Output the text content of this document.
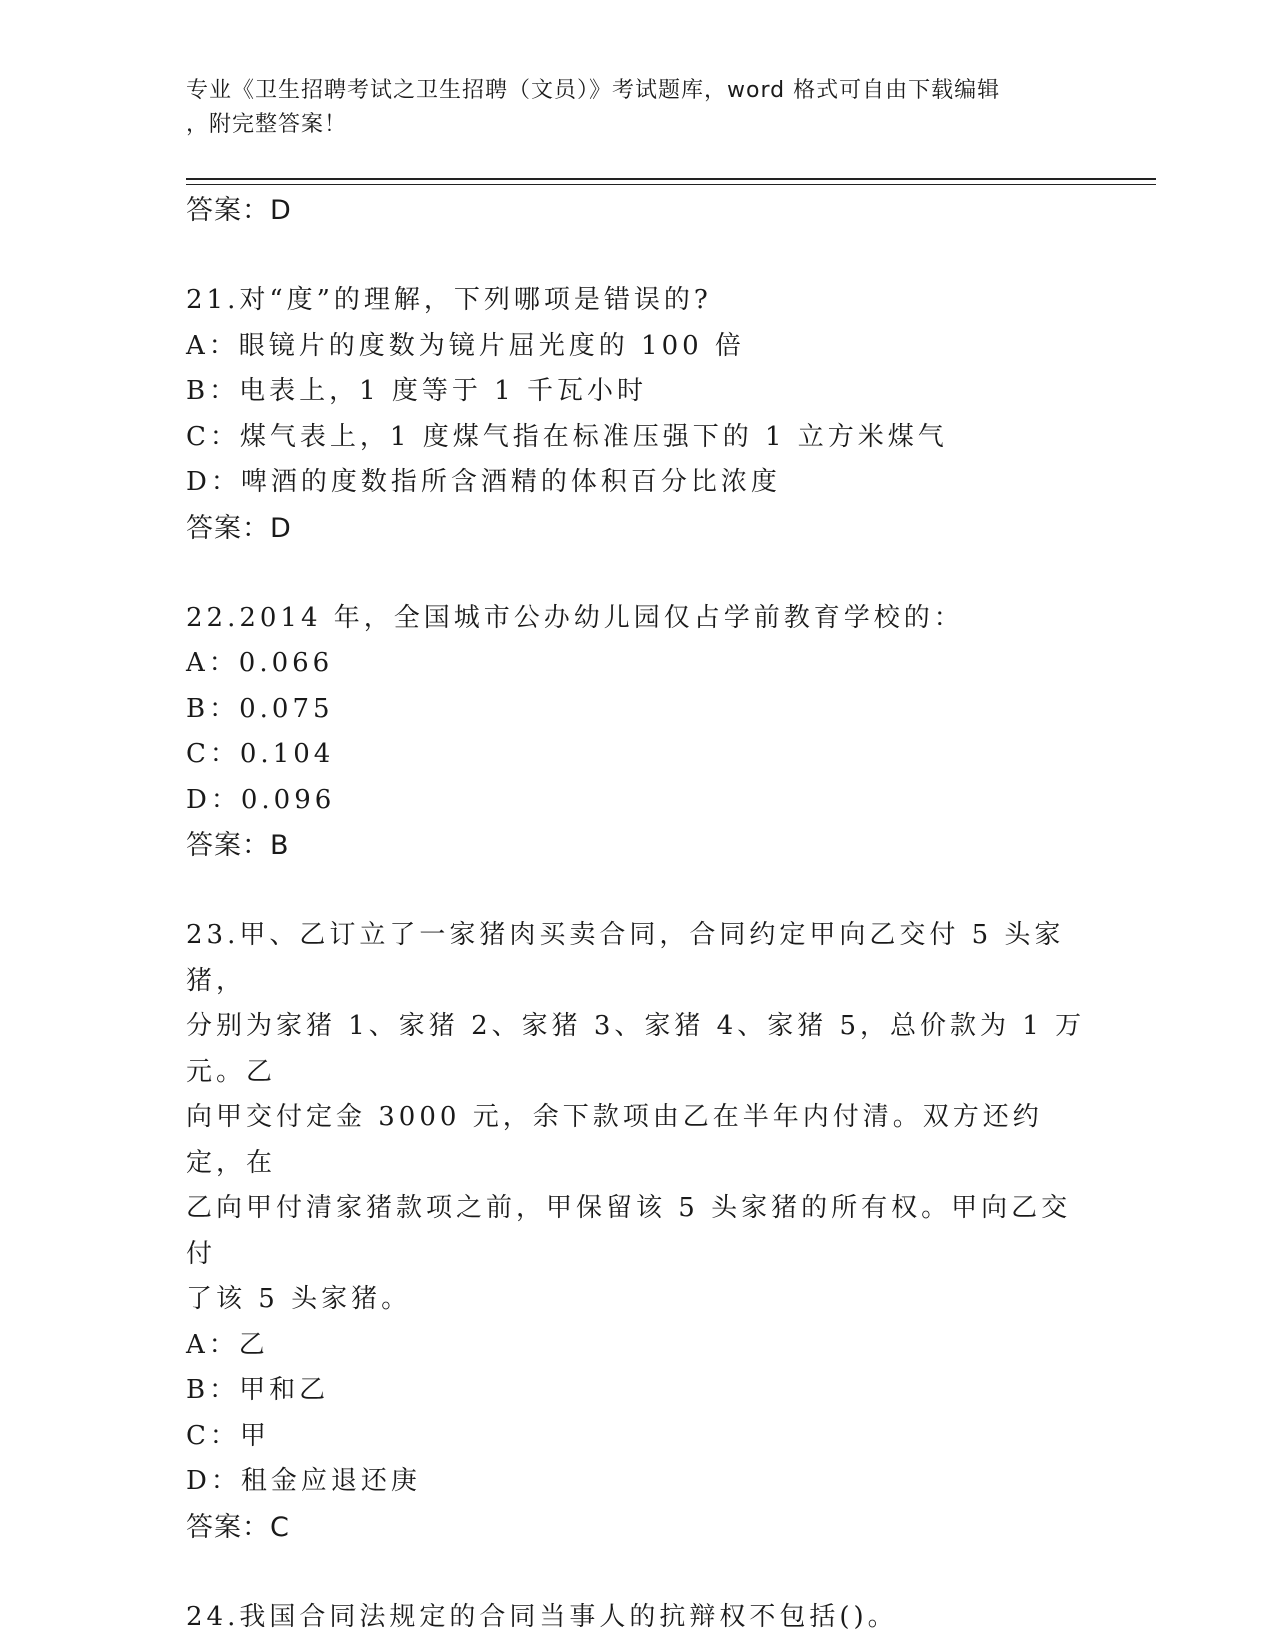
专业《卫生招聘考试之卫生招聘（文员）》考试题库，word 格式可自由下载编辑
，附完整答案！

答案：D

21.对“度”的理解，下列哪项是错误的?

A：眼镜片的度数为镜片屈光度的 100 倍

B：电表上，1 度等于 1 千瓦小时

C：煤气表上，1 度煤气指在标准压强下的 1 立方米煤气

D：啤酒的度数指所含酒精的体积百分比浓度

答案：D

22.2014 年，全国城市公办幼儿园仅占学前教育学校的：

A：0.066

B：0.075

C：0.104

D：0.096

答案：B

23.甲、乙订立了一家猪肉买卖合同，合同约定甲向乙交付 5 头家猪，

分别为家猪 1、家猪 2、家猪 3、家猪 4、家猪 5，总价款为 1 万元。乙

向甲交付定金 3000 元，余下款项由乙在半年内付清。双方还约定，在

乙向甲付清家猪款项之前，甲保留该 5 头家猪的所有权。甲向乙交付

了该 5 头家猪。

A：乙

B：甲和乙

C：甲

D：租金应退还庚

答案：C

24.我国合同法规定的合同当事人的抗辩权不包括()。
